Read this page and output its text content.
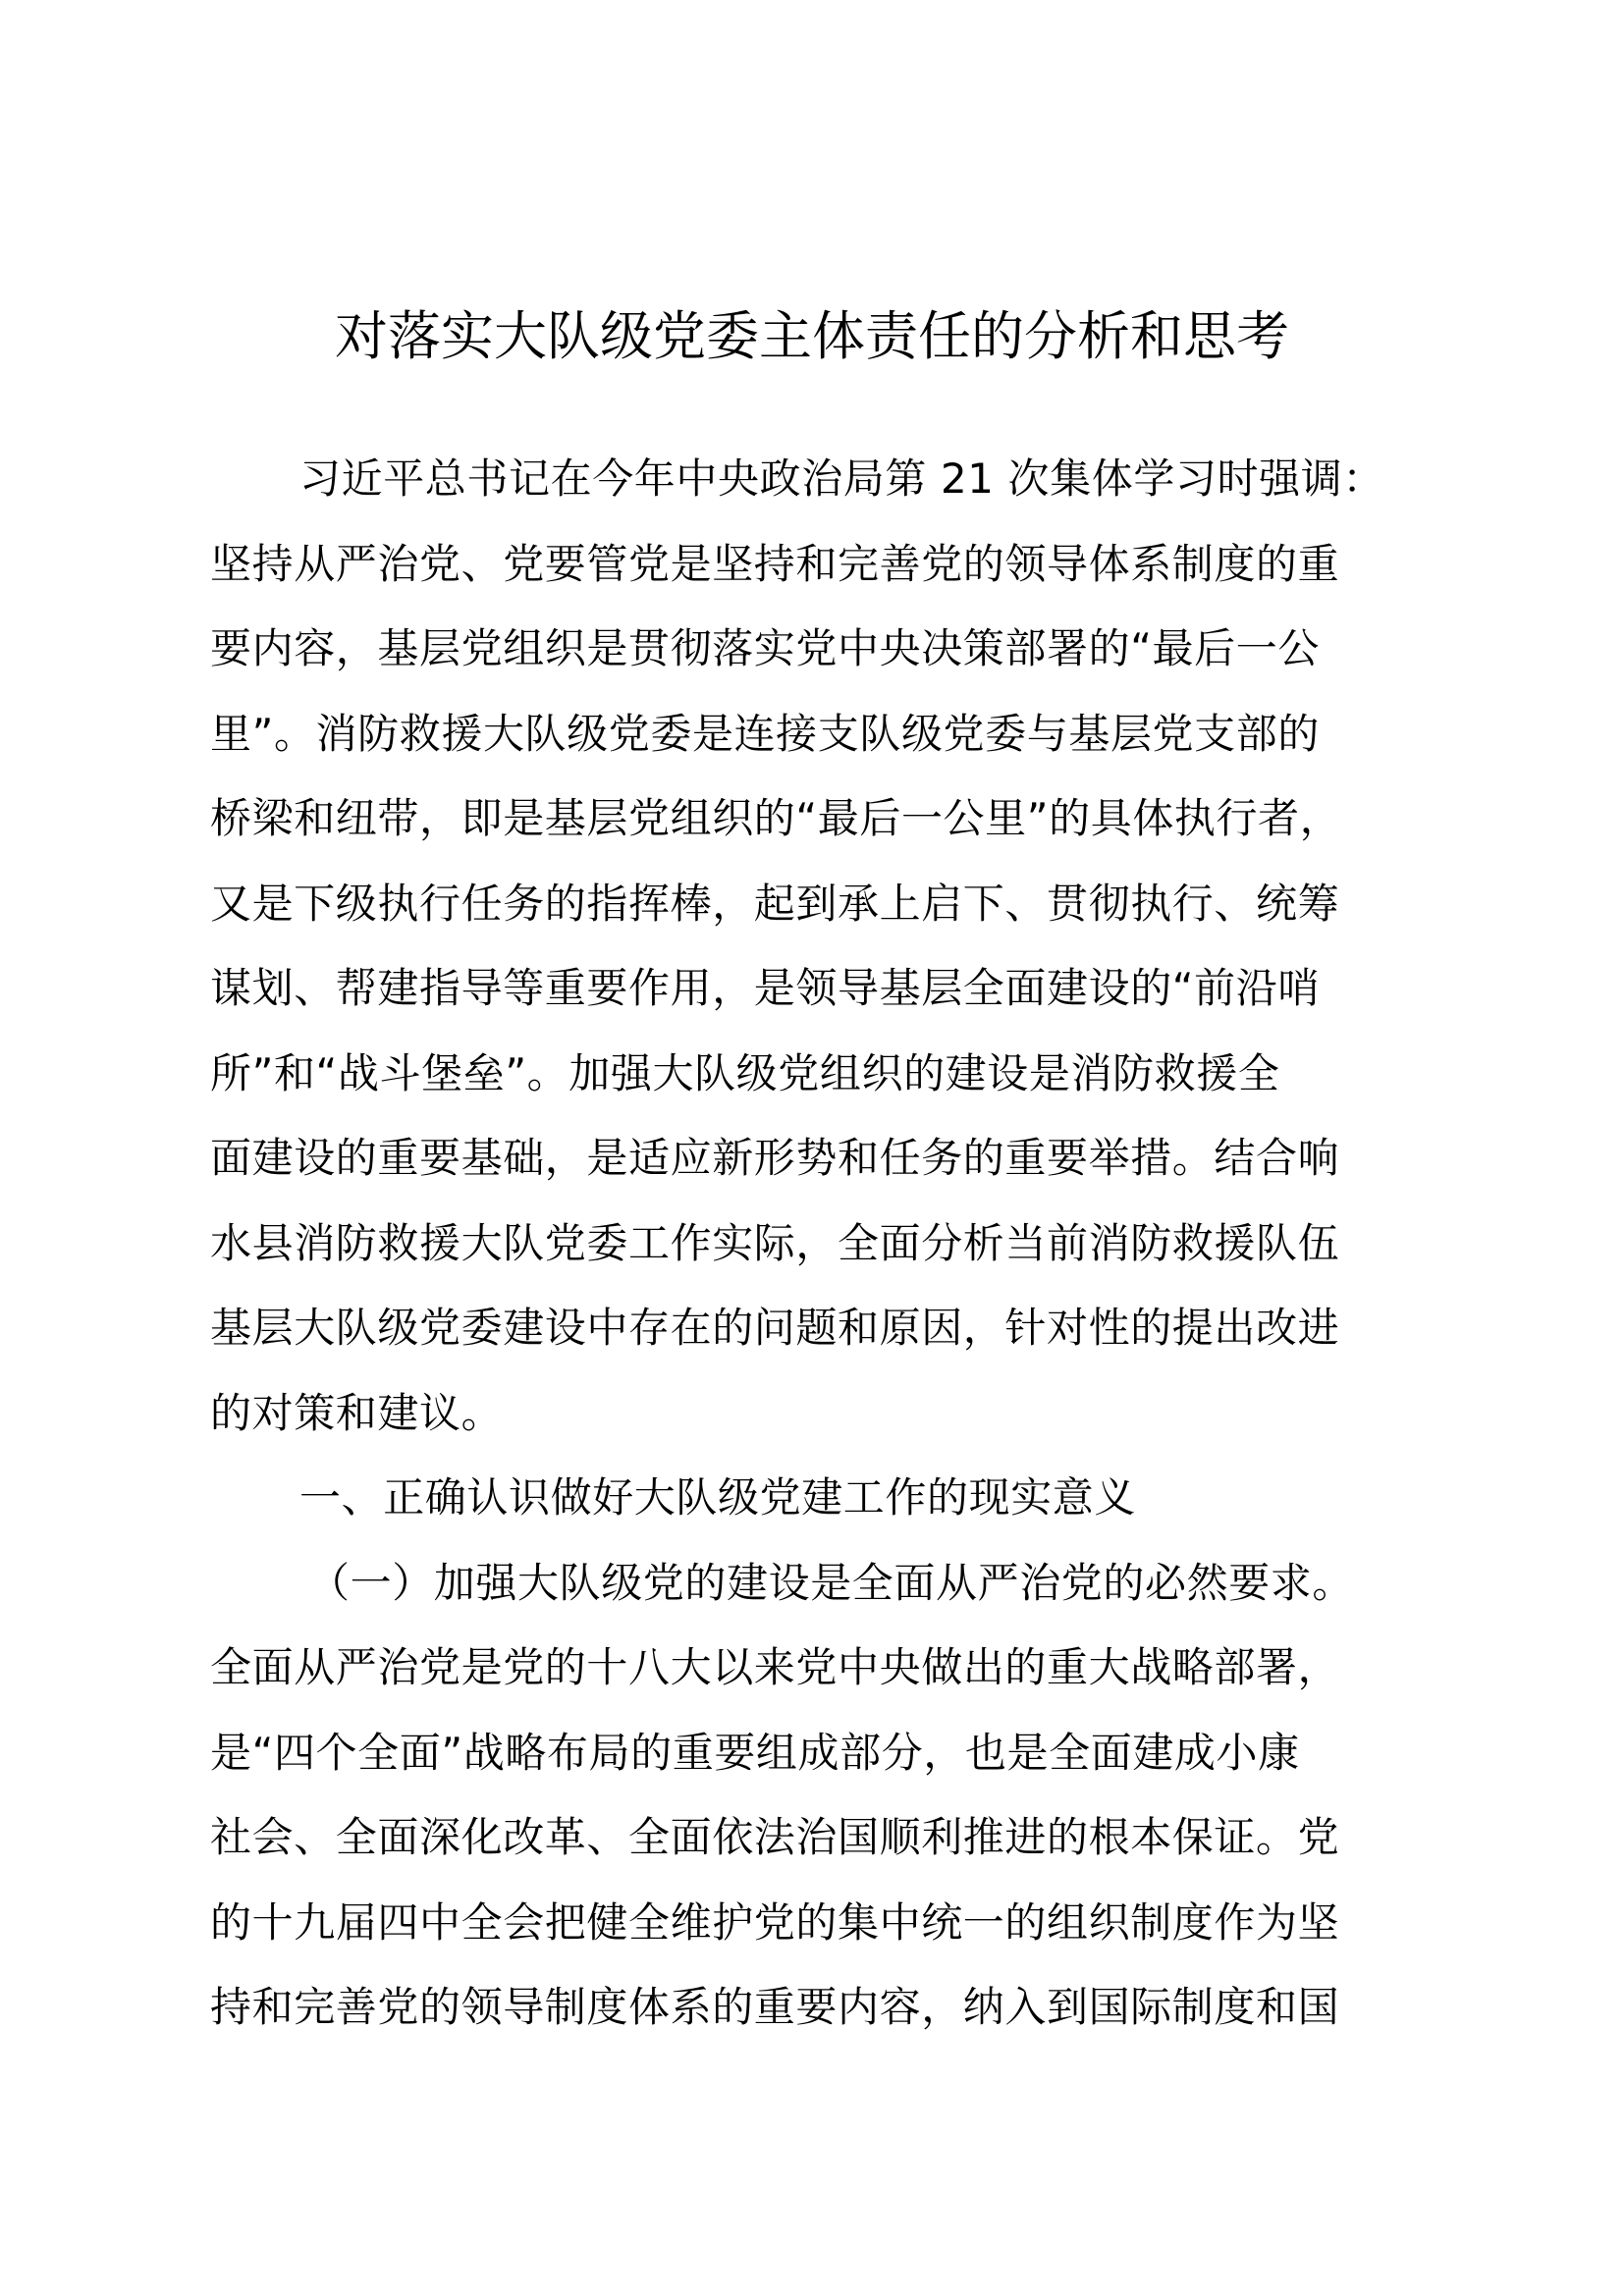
对落实大队级党委主体责任的分析和思考
习近平总书记在今年中央政治局第 21 次集体学习时强调：
坚持从严治党、党要管党是坚持和完善党的领导体系制度的重
要内容，基层党组织是贯彻落实党中央决策部署的“最后一公
里”。消防救援大队级党委是连接支队级党委与基层党支部的
桥梁和纽带，即是基层党组织的“最后一公里”的具体执行者，
又是下级执行任务的指挥棒，起到承上启下、贯彻执行、统筹
谋划、帮建指导等重要作用，是领导基层全面建设的“前沿哨
所”和“战斗堡垒”。加强大队级党组织的建设是消防救援全
面建设的重要基础，是适应新形势和任务的重要举措。结合响
水县消防救援大队党委工作实际，全面分析当前消防救援队伍
基层大队级党委建设中存在的问题和原因，针对性的提出改进
的对策和建议。
一、正确认识做好大队级党建工作的现实意义
（一）加强大队级党的建设是全面从严治党的必然要求。
全面从严治党是党的十八大以来党中央做出的重大战略部署，
是“四个全面”战略布局的重要组成部分，也是全面建成小康
社会、全面深化改革、全面依法治国顺利推进的根本保证。党
的十九届四中全会把健全维护党的集中统一的组织制度作为坚
持和完善党的领导制度体系的重要内容，纳入到国际制度和国
